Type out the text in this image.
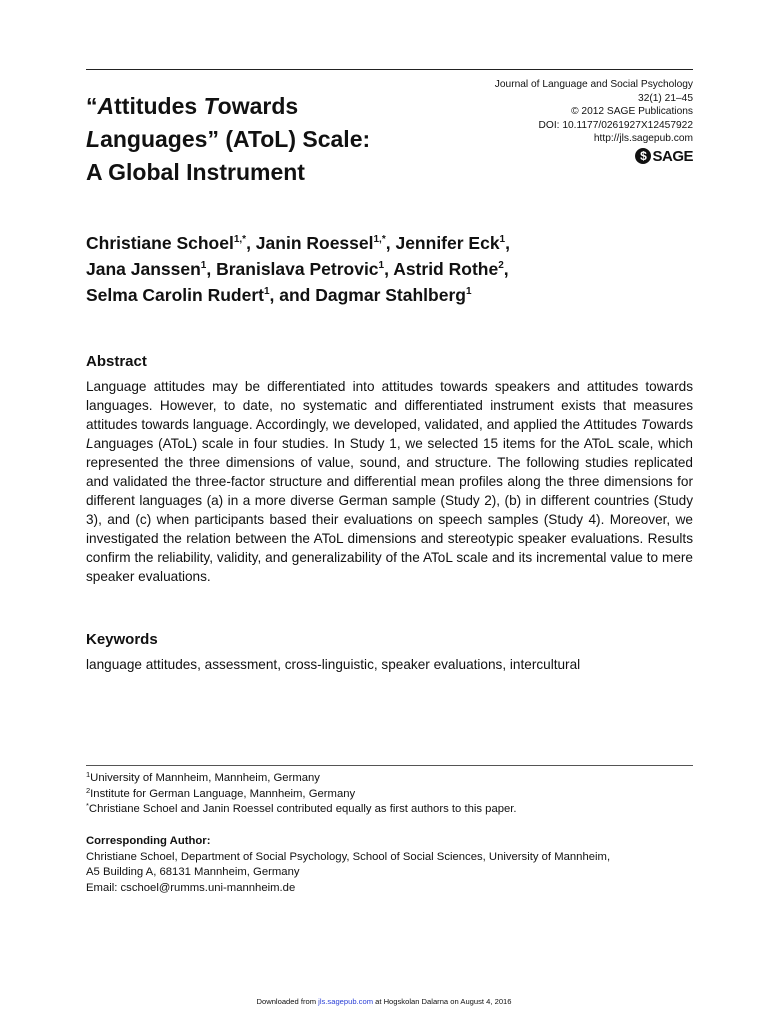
“Attitudes Towards
Languages” (AToL) Scale:
A Global Instrument
Journal of Language and Social Psychology
32(1) 21–45
© 2012 SAGE Publications
DOI: 10.1177/0261927X12457922
http://jls.sagepub.com
$ SAGE
Christiane Schoel$^{1,*}$, Janin Roessel$^{1,*}$, Jennifer Eck$^1$,
Jana Janssen$^1$, Branislava Petrovic$^1$, Astrid Rothe$^2$,
Selma Carolin Rudert$^1$, and Dagmar Stahlberg$^1$
Abstract

Language attitudes may be differentiated into attitudes towards speakers and attitudes towards languages. However, to date, no systematic and differentiated instrument exists that measures attitudes towards language. Accordingly, we developed, validated, and applied the Attitudes Towards Languages (AToL) scale in four studies. In Study 1, we selected 15 items for the AToL scale, which represented the three dimensions of value, sound, and structure. The following studies replicated and validated the three-factor structure and differential mean profiles along the three dimensions for different languages (a) in a more diverse German sample (Study 2), (b) in different countries (Study 3), and (c) when participants based their evaluations on speech samples (Study 4). Moreover, we investigated the relation between the AToL dimensions and stereotypic speaker evaluations. Results confirm the reliability, validity, and generalizability of the AToL scale and its incremental value to mere speaker evaluations.

Keywords

language attitudes, assessment, cross-linguistic, speaker evaluations, intercultural

$^1$University of Mannheim, Mannheim, Germany
$^2$Institute for German Language, Mannheim, Germany
*Christiane Schoel and Janin Roessel contributed equally as first authors to this paper.
Corresponding Author:
Christiane Schoel, Department of Social Psychology, School of Social Sciences, University of Mannheim,
A5 Building A, 68131 Mannheim, Germany
Email: cschoel@rumms.uni-mannheim.de
Downloaded from jls.sagepub.com at Hogskolan Dalarna on August 4, 2016
